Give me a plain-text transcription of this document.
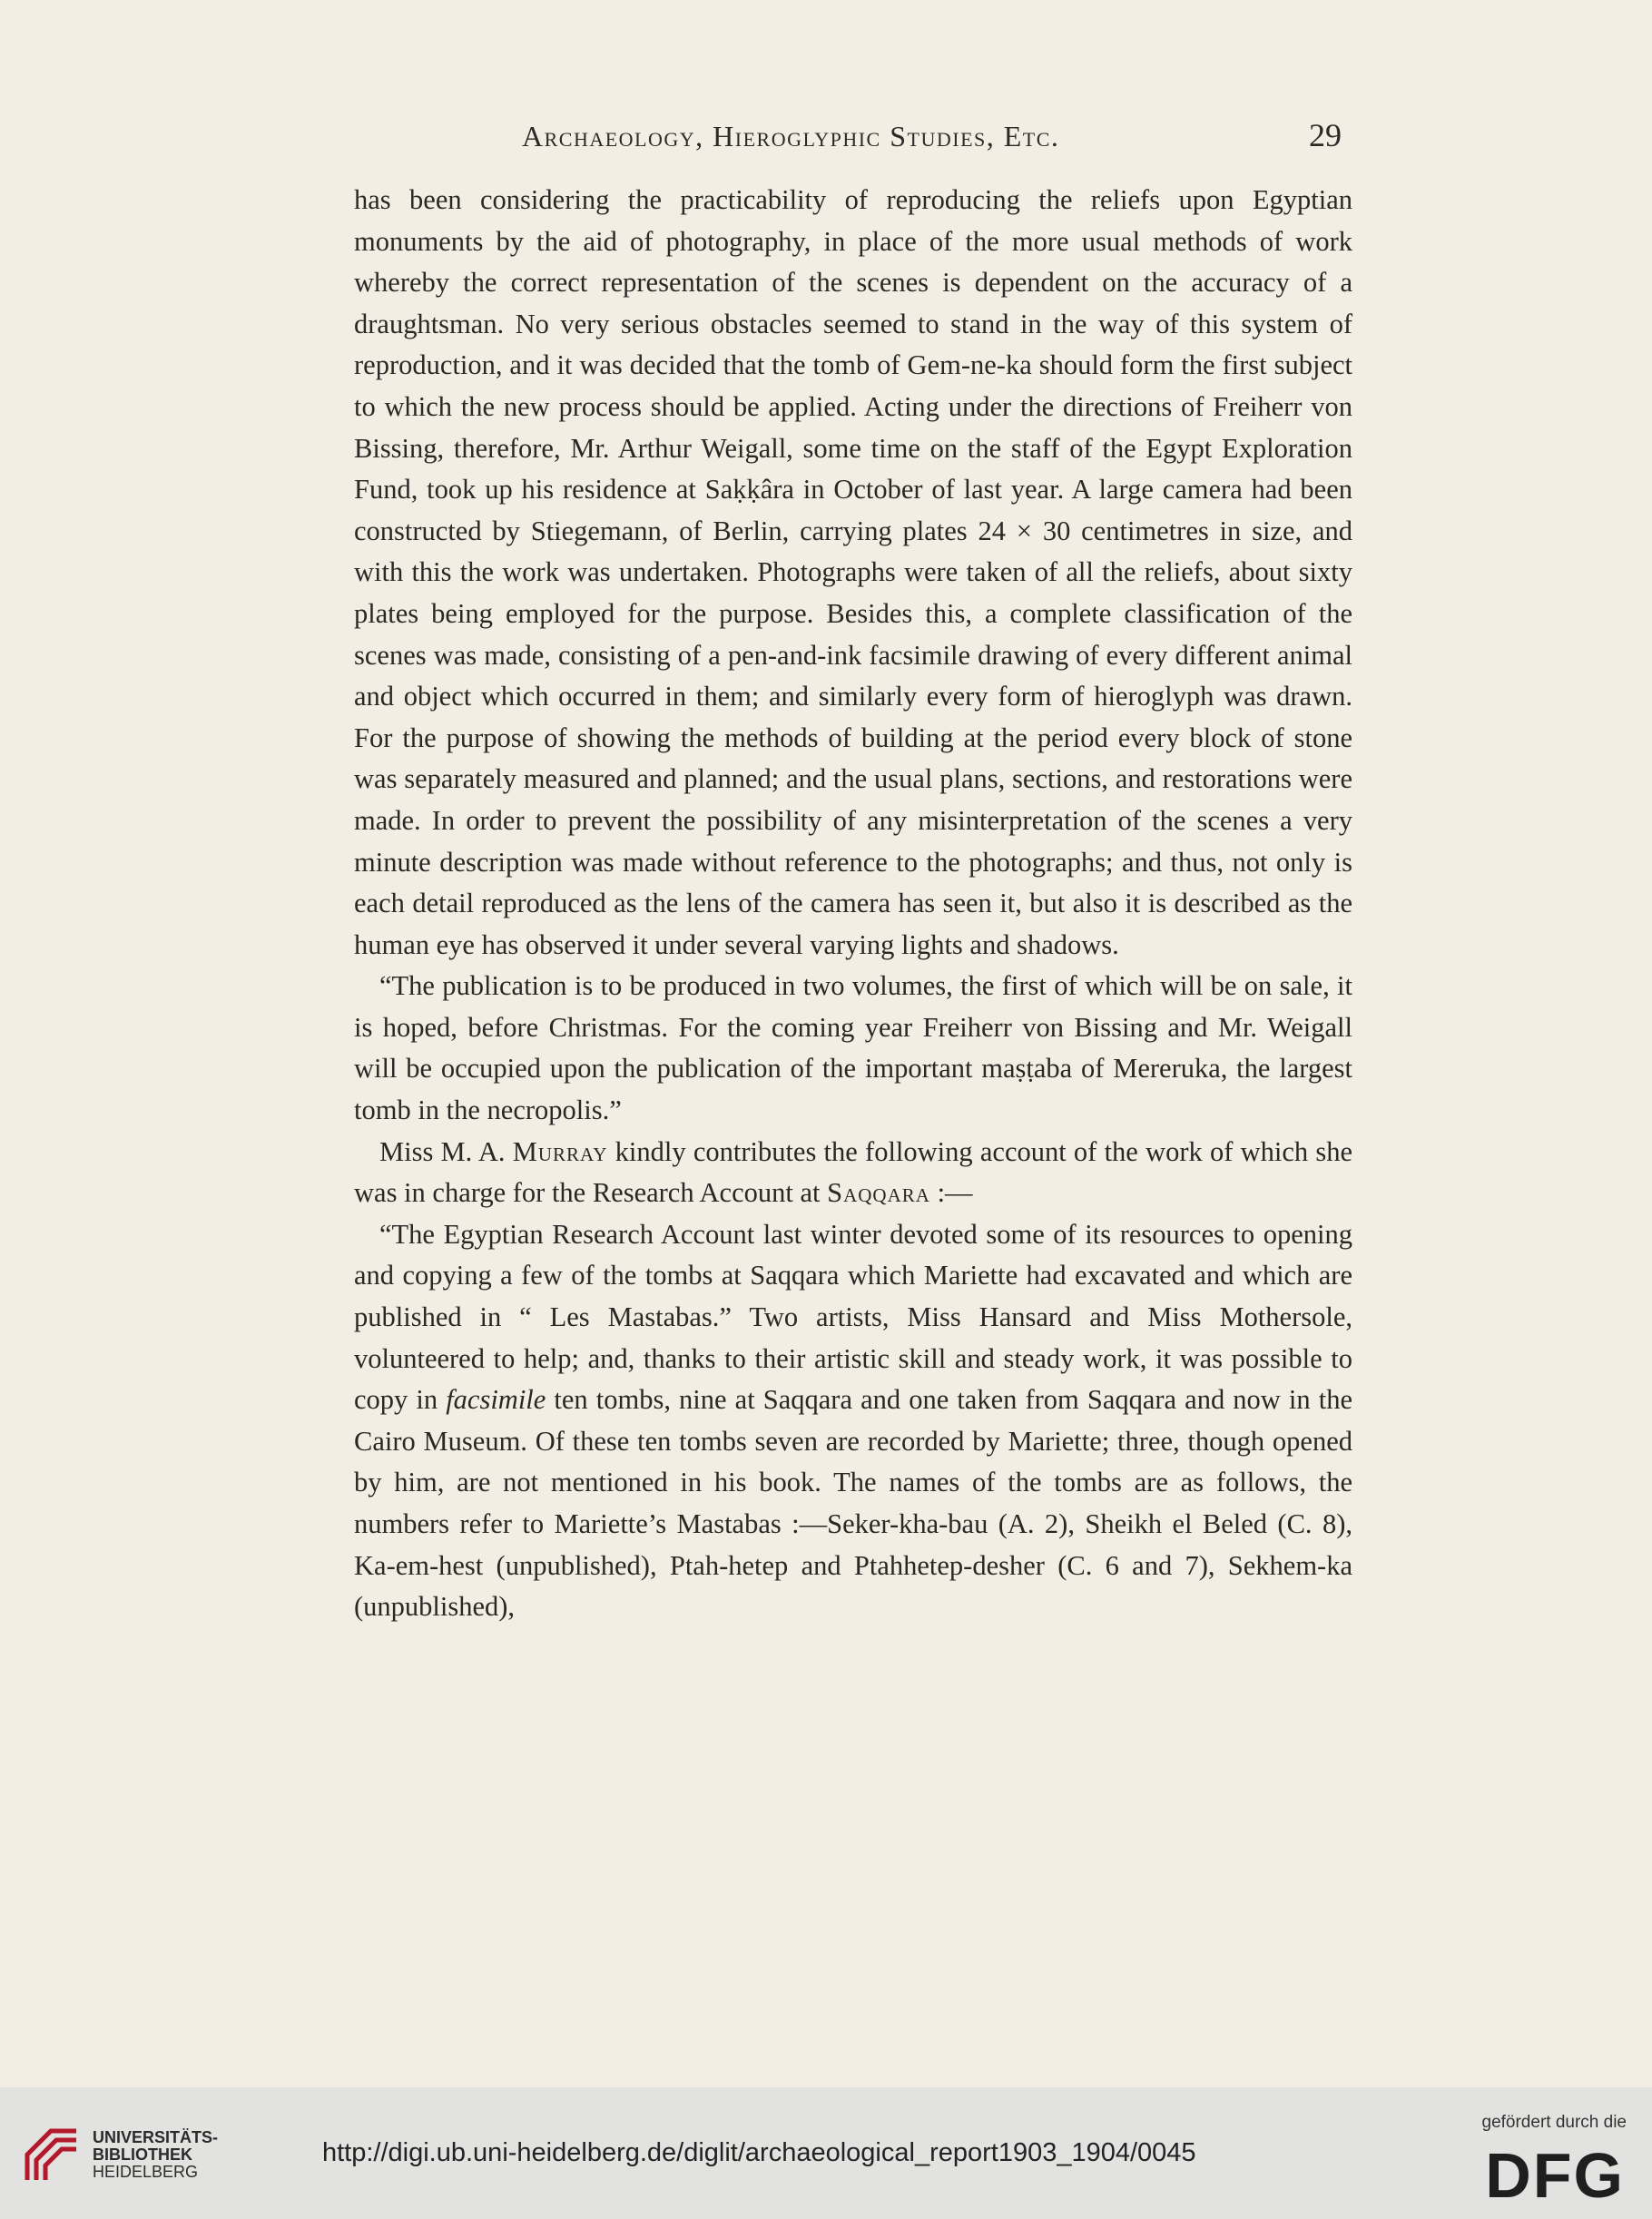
Archaeology, Hieroglyphic Studies, Etc.	29

has been considering the practicability of reproducing the reliefs upon Egyptian monuments by the aid of photography, in place of the more usual methods of work whereby the correct representation of the scenes is dependent on the accuracy of a draughtsman. No very serious obstacles seemed to stand in the way of this system of reproduction, and it was decided that the tomb of Gem-ne-ka should form the first subject to which the new process should be applied. Acting under the directions of Freiherr von Bissing, therefore, Mr. Arthur Weigall, some time on the staff of the Egypt Exploration Fund, took up his residence at Saḳḳâra in October of last year. A large camera had been constructed by Stiegemann, of Berlin, carrying plates 24 × 30 centimetres in size, and with this the work was undertaken. Photographs were taken of all the reliefs, about sixty plates being employed for the purpose. Besides this, a complete classification of the scenes was made, consisting of a pen-and-ink facsimile drawing of every different animal and object which occurred in them; and similarly every form of hieroglyph was drawn. For the purpose of showing the methods of building at the period every block of stone was separately measured and planned; and the usual plans, sections, and restorations were made. In order to prevent the possibility of any misinterpretation of the scenes a very minute description was made without reference to the photographs; and thus, not only is each detail reproduced as the lens of the camera has seen it, but also it is described as the human eye has observed it under several varying lights and shadows.

“The publication is to be produced in two volumes, the first of which will be on sale, it is hoped, before Christmas. For the coming year Freiherr von Bissing and Mr. Weigall will be occupied upon the publication of the important maṣṭaba of Mereruka, the largest tomb in the necropolis.”

Miss M. A. Murray kindly contributes the following account of the work of which she was in charge for the Research Account at Saqqara :—

“The Egyptian Research Account last winter devoted some of its resources to opening and copying a few of the tombs at Saqqara which Mariette had excavated and which are published in “ Les Mastabas.” Two artists, Miss Hansard and Miss Mothersole, volunteered to help; and, thanks to their artistic skill and steady work, it was possible to copy in facsimile ten tombs, nine at Saqqara and one taken from Saqqara and now in the Cairo Museum. Of these ten tombs seven are recorded by Mariette; three, though opened by him, are not mentioned in his book. The names of the tombs are as follows, the numbers refer to Mariette’s Mastabas :—Seker-kha-bau (A. 2), Sheikh el Beled (C. 8), Ka-em-hest (unpublished), Ptah-hetep and Ptahhetep-desher (C. 6 and 7), Sekhem-ka (unpublished),

UNIVERSITÄTS-
BIBLIOTHEK
HEIDELBERG
http://digi.ub.uni-heidelberg.de/diglit/archaeological_report1903_1904/0045
gefördert durch die
DFG
